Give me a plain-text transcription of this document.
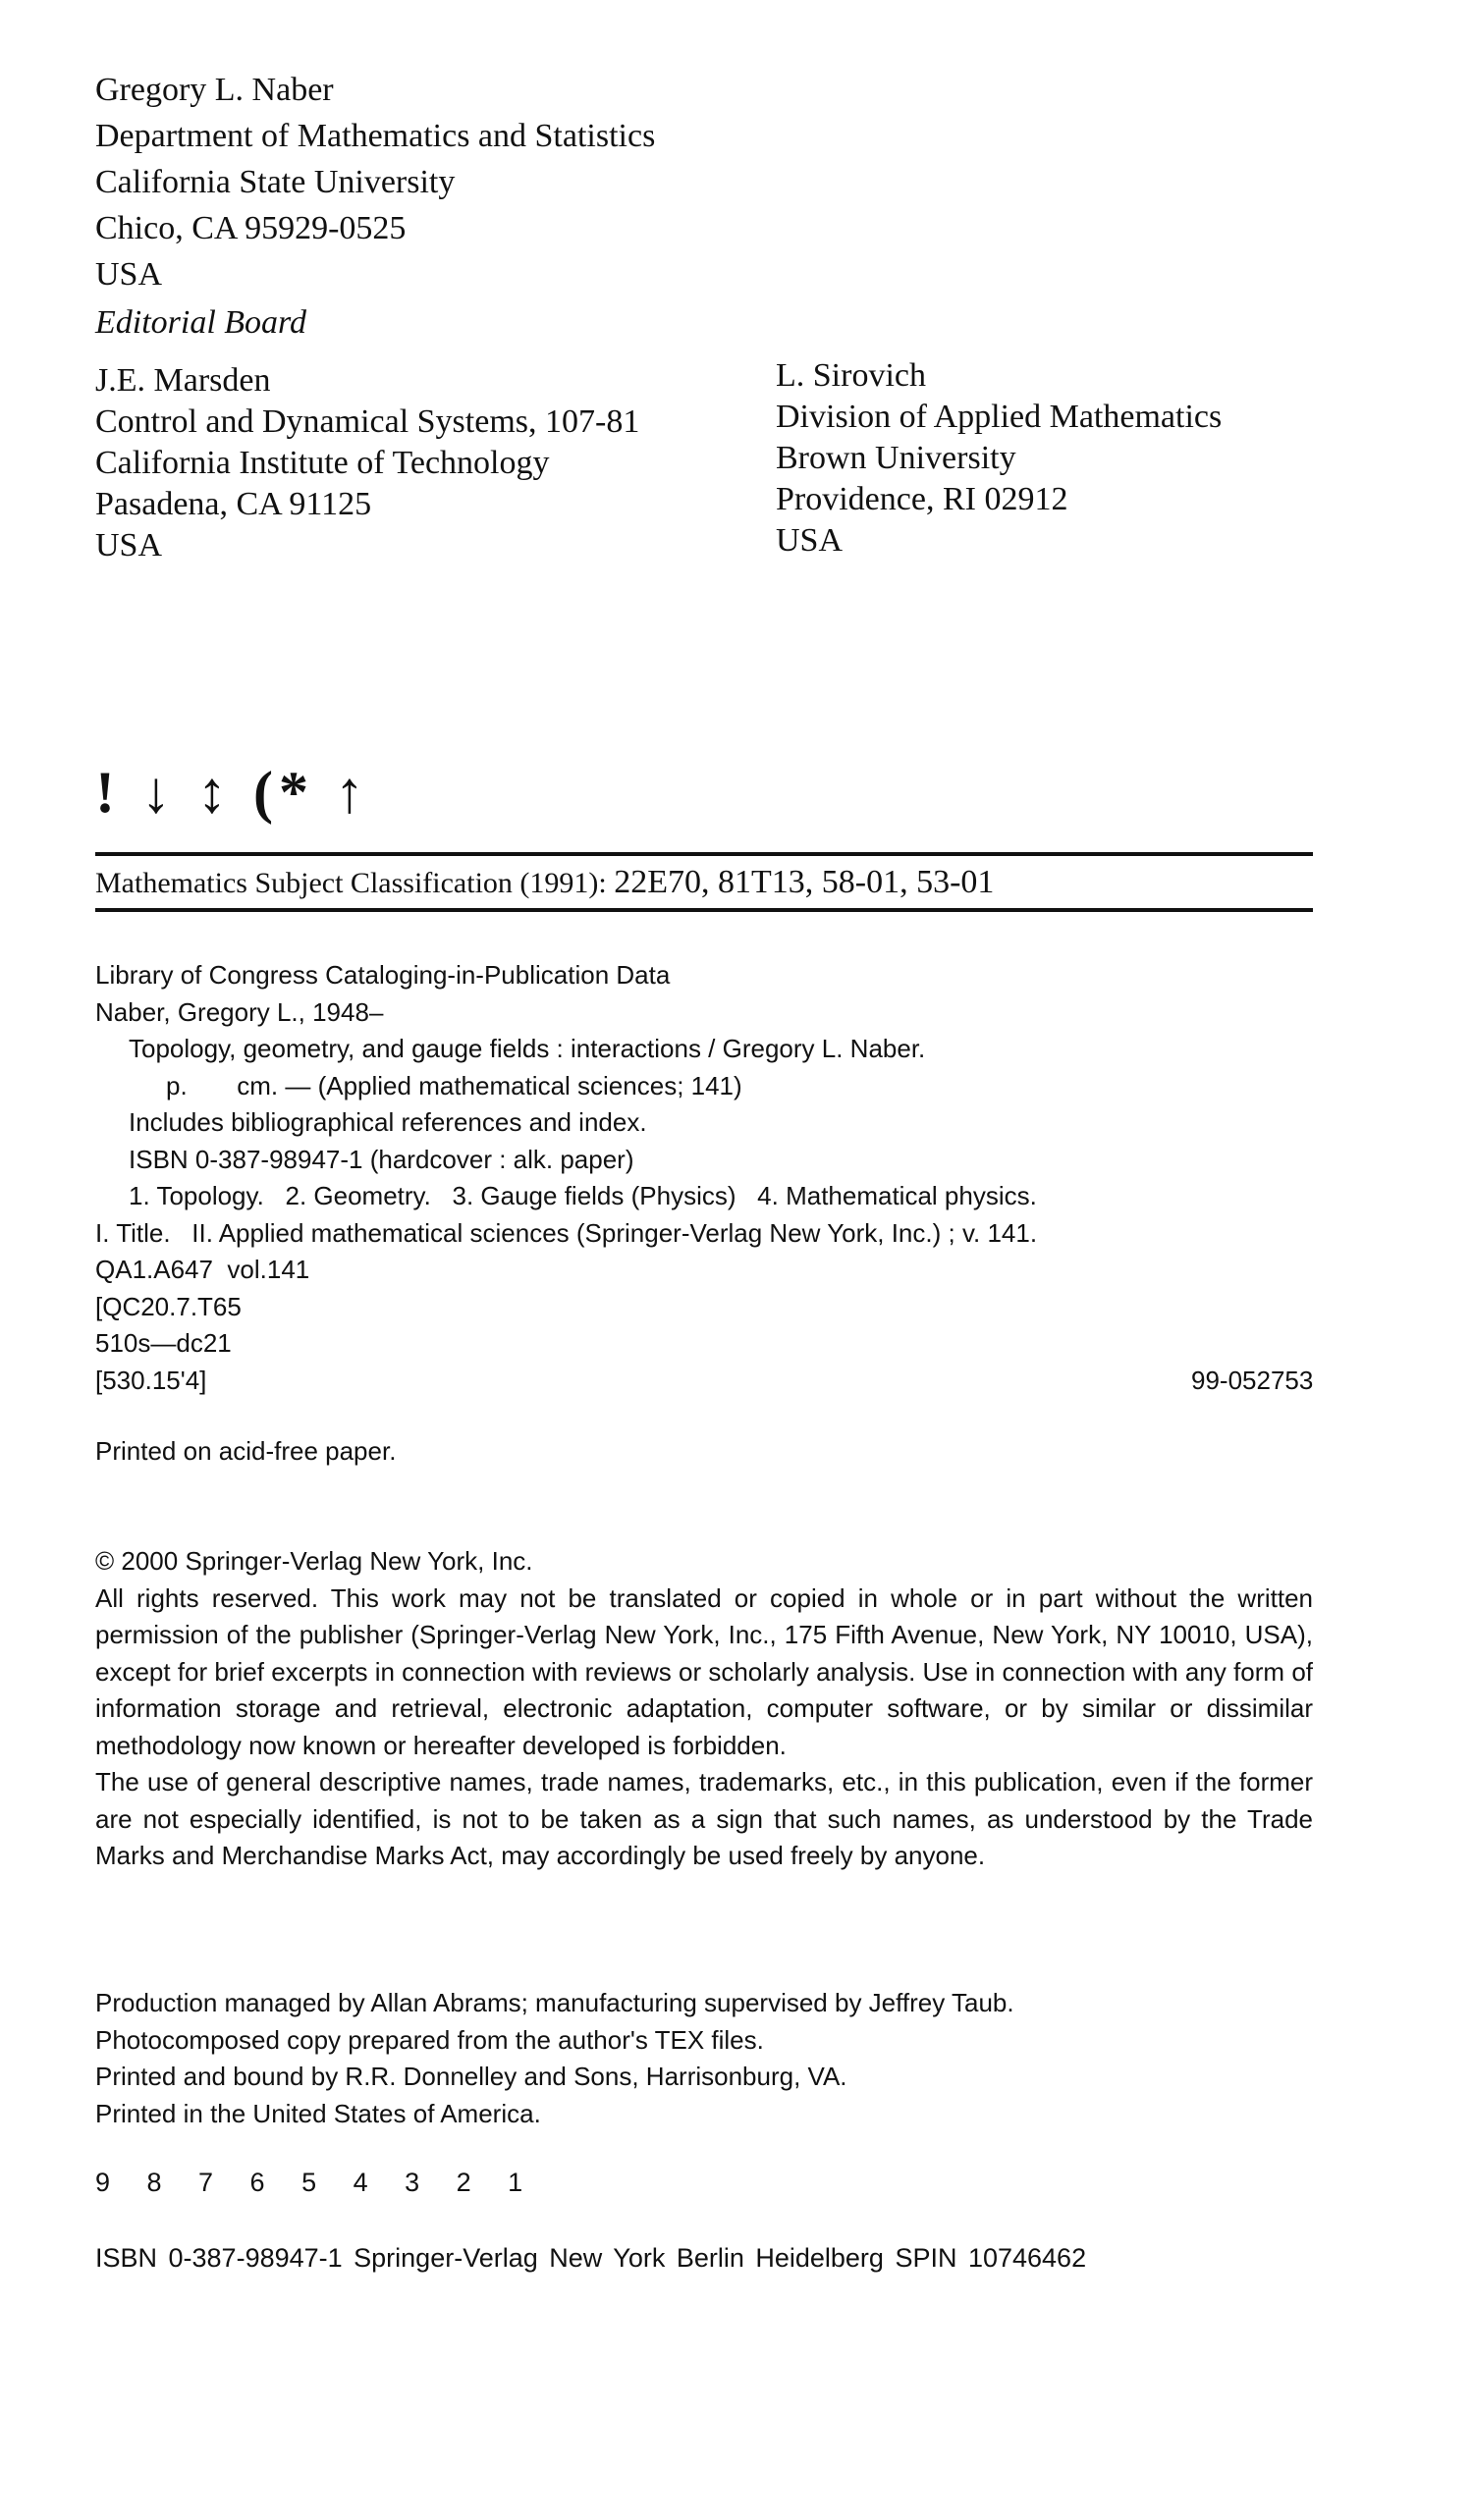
Gregory L. Naber
Department of Mathematics and Statistics
California State University
Chico, CA 95929-0525
USA
Editorial Board
J.E. Marsden
Control and Dynamical Systems, 107-81
California Institute of Technology
Pasadena, CA 91125
USA
L. Sirovich
Division of Applied Mathematics
Brown University
Providence, RI 02912
USA
! ↓ ↕ (* ↑
Mathematics Subject Classification (1991): 22E70, 81T13, 58-01, 53-01
Library of Congress Cataloging-in-Publication Data
Naber, Gregory L., 1948–
Topology, geometry, and gauge fields : interactions / Gregory L. Naber.
p.       cm. — (Applied mathematical sciences; 141)
Includes bibliographical references and index.
ISBN 0-387-98947-1 (hardcover : alk. paper)
1. Topology.   2. Geometry.   3. Gauge fields (Physics)   4. Mathematical physics.
I. Title.   II. Applied mathematical sciences (Springer-Verlag New York, Inc.) ; v. 141.
QA1.A647  vol.141
[QC20.7.T65
510s—dc21
[530.15'4]	99-052753
Printed on acid-free paper.

© 2000 Springer-Verlag New York, Inc.

All rights reserved. This work may not be translated or copied in whole or in part without the written permission of the publisher (Springer-Verlag New York, Inc., 175 Fifth Avenue, New York, NY 10010, USA), except for brief excerpts in connection with reviews or scholarly analysis. Use in connection with any form of information storage and retrieval, electronic adaptation, computer software, or by similar or dissimilar methodology now known or hereafter developed is forbidden.

The use of general descriptive names, trade names, trademarks, etc., in this publication, even if the former are not especially identified, is not to be taken as a sign that such names, as understood by the Trade Marks and Merchandise Marks Act, may accordingly be used freely by anyone.

Production managed by Allan Abrams; manufacturing supervised by Jeffrey Taub.
Photocomposed copy prepared from the author's TEX files.
Printed and bound by R.R. Donnelley and Sons, Harrisonburg, VA.
Printed in the United States of America.
9 8 7 6 5 4 3 2 1
ISBN 0-387-98947-1 Springer-Verlag New York Berlin Heidelberg SPIN 10746462
